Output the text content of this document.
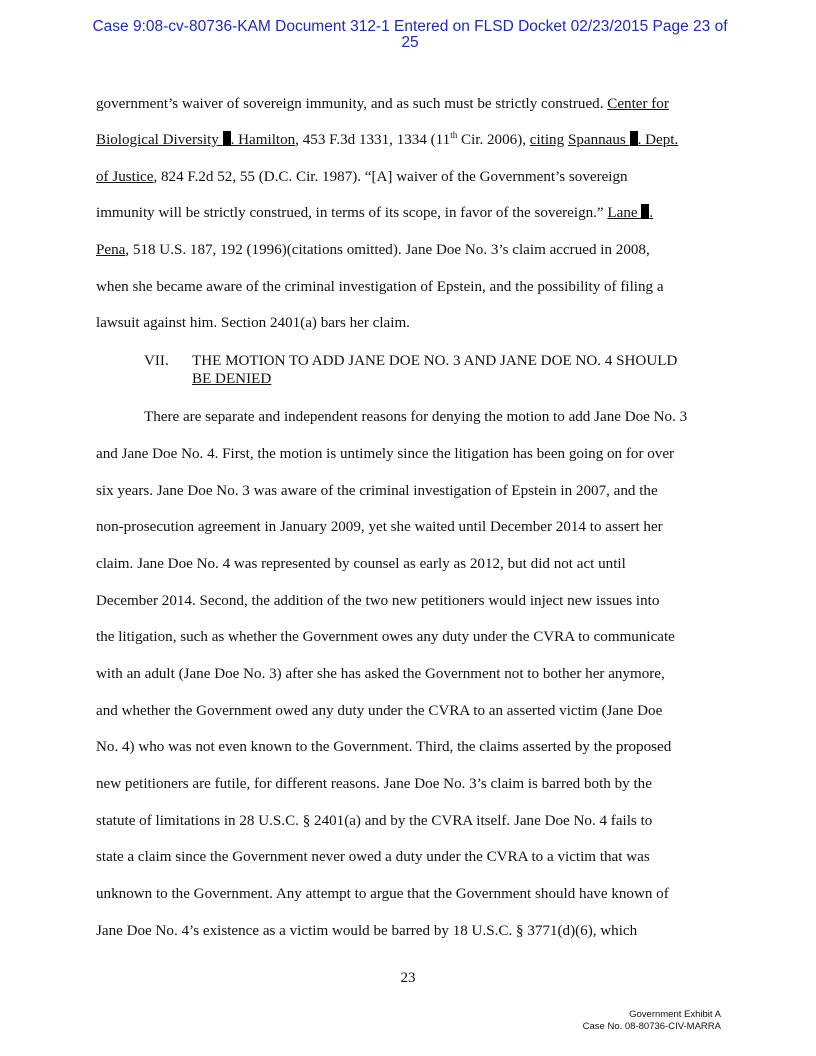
Case 9:08-cv-80736-KAM Document 312-1 Entered on FLSD Docket 02/23/2015 Page 23 of
25
government’s waiver of sovereign immunity, and as such must be strictly construed. Center for
Biological Diversity . Hamilton, 453 F.3d 1331, 1334 (11th Cir. 2006), citing Spannaus . Dept.
of Justice, 824 F.2d 52, 55 (D.C. Cir. 1987). “[A] waiver of the Government’s sovereign
immunity will be strictly construed, in terms of its scope, in favor of the sovereign.” Lane .
Pena, 518 U.S. 187, 192 (1996)(citations omitted). Jane Doe No. 3’s claim accrued in 2008,
when she became aware of the criminal investigation of Epstein, and the possibility of filing a
lawsuit against him. Section 2401(a) bars her claim.
VII. THE MOTION TO ADD JANE DOE NO. 3 AND JANE DOE NO. 4 SHOULD
BE DENIED
There are separate and independent reasons for denying the motion to add Jane Doe No. 3
and Jane Doe No. 4. First, the motion is untimely since the litigation has been going on for over
six years. Jane Doe No. 3 was aware of the criminal investigation of Epstein in 2007, and the
non-prosecution agreement in January 2009, yet she waited until December 2014 to assert her
claim. Jane Doe No. 4 was represented by counsel as early as 2012, but did not act until
December 2014. Second, the addition of the two new petitioners would inject new issues into
the litigation, such as whether the Government owes any duty under the CVRA to communicate
with an adult (Jane Doe No. 3) after she has asked the Government not to bother her anymore,
and whether the Government owed any duty under the CVRA to an asserted victim (Jane Doe
No. 4) who was not even known to the Government. Third, the claims asserted by the proposed
new petitioners are futile, for different reasons. Jane Doe No. 3’s claim is barred both by the
statute of limitations in 28 U.S.C. § 2401(a) and by the CVRA itself. Jane Doe No. 4 fails to
state a claim since the Government never owed a duty under the CVRA to a victim that was
unknown to the Government. Any attempt to argue that the Government should have known of
Jane Doe No. 4’s existence as a victim would be barred by 18 U.S.C. § 3771(d)(6), which
23
Government Exhibit A
Case No. 08-80736-CIV-MARRA
